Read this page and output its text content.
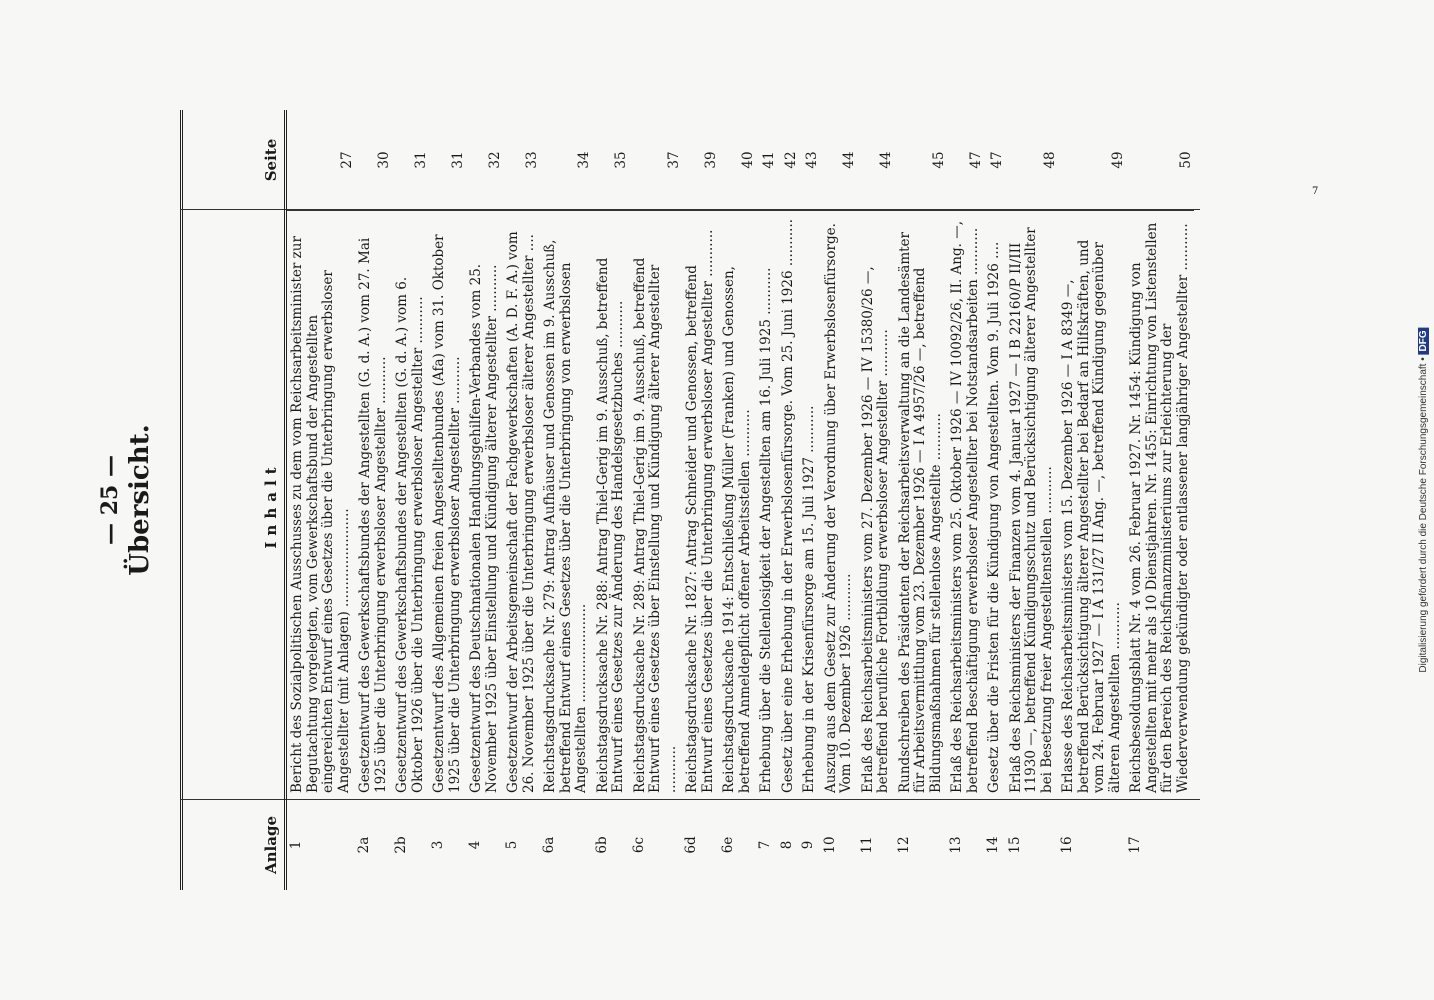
Anlage
Inhalt
Seite
1
Bericht des Sozialpolitischen Ausschusses zu dem vom Reichsarbeitsminister zur Begutachtung vorgelegten, vom Gewerkschaftsbund der Angestellten eingereichten Entwurf eines Gesetzes über die Unterbringung erwerbsloser Angestellter (mit Anlagen) .......................
27
2a
Gesetzentwurf des Gewerkschaftsbundes der Angestellten (G. d. A.) vom 27. Mai 1925 über die Unterbringung erwerbsloser Angestellter ...........
30
2b
Gesetzentwurf des Gewerkschaftsbundes der Angestellten (G. d. A.) vom 6. Oktober 1926 über die Unterbringung erwerbsloser Angestellter ...........
31
3
Gesetzentwurf des Allgemeinen freien Angestelltenbundes (Afa) vom 31. Oktober 1925 über die Unterbringung erwerbsloser Angestellter ...........
31
4
Gesetzentwurf des Deutschnationalen Handlungsgehilfen-Verbandes vom 25. November 1925 über Einstellung und Kündigung älterer Angestellter ...........
32
5
Gesetzentwurf der Arbeitsgemeinschaft der Fachgewerkschaften (A. D. F. A.) vom 26. November 1925 über die Unterbringung erwerbsloser älterer Angestellter ....
33
6a
Reichstagsdrucksache Nr. 279: Antrag Aufhäuser und Genossen im 9. Ausschuß, betreffend Entwurf eines Gesetzes über die Unterbringung von erwerbslosen Angestellten .......................
34
6b
Reichstagsdrucksache Nr. 288: Antrag Thiel-Gerig im 9. Ausschuß, betreffend Entwurf eines Gesetzes zur Änderung des Handelsgesetzbuches ...........
35
6c
Reichstagsdrucksache Nr. 289: Antrag Thiel-Gerig im 9. Ausschuß, betreffend Entwurf eines Gesetzes über Einstellung und Kündigung älterer Angestellter ...........
37
6d
Reichstagsdrucksache Nr. 1827: Antrag Schneider und Genossen, betreffend Entwurf eines Gesetzes über die Unterbringung erwerbsloser Angestellter ...........
39
6e
Reichstagsdrucksache 1914: Entschließung Müller (Franken) und Genossen, betreffend Anmeldepflicht offener Arbeitsstellen ...........
40
7
Erhebung über die Stellenlosigkeit der Angestellten am 16. Juli 1925 ...........
41
8
Gesetz über eine Erhebung in der Erwerbslosenfürsorge. Vom 25. Juni 1926 ...........
42
9
Erhebung in der Krisenfürsorge am 15. Juli 1927 ...........
43
10
Auszug aus dem Gesetz zur Änderung der Verordnung über Erwerbslosenfürsorge. Vom 10. Dezember 1926 ...........
44
11
Erlaß des Reichsarbeitsministers vom 27. Dezember 1926 — IV 15380/26 —, betreffend berufliche Fortbildung erwerbsloser Angestellter ...........
44
12
Rundschreiben des Präsidenten der Reichsarbeitsverwaltung an die Landesämter für Arbeitsvermittlung vom 23. Dezember 1926 — I A 4957/26 —, betreffend Bildungsmaßnahmen für stellenlose Angestellte ...........
45
13
Erlaß des Reichsarbeitsministers vom 25. Oktober 1926 — IV 10092/26, II. Ang. —, betreffend Beschäftigung erwerbsloser Angestellter bei Notstandsarbeiten ...........
47
14
Gesetz über die Fristen für die Kündigung von Angestellten. Vom 9. Juli 1926 ....
47
15
Erlaß des Reichsministers der Finanzen vom 4. Januar 1927 — I B 22160/P II/III 11930 —, betreffend Kündigungsschutz und Berücksichtigung älterer Angestellter bei Besetzung freier Angestelltenstellen ...........
48
16
Erlasse des Reichsarbeitsministers vom 15. Dezember 1926 — I A 8349 —, betreffend Berücksichtigung älterer Angestellter bei Bedarf an Hilfskräften, und vom 24. Februar 1927 — I A 131/27 II Ang. —, betreffend Kündigung gegenüber älteren Angestellten ...........
49
17
Reichsbesoldungsblatt Nr. 4 vom 26. Februar 1927. Nr. 1454: Kündigung von Angestellten mit mehr als 10 Dienstjahren. Nr. 1455: Einrichtung von Listenstellen für den Bereich des Reichsfinanzministeriums zur Erleichterung der Wiederverwendung gekündigter oder entlassener langjähriger Angestellter ...........
50
— 25 — Übersicht.
7
Digitalisierung gefördert durch die Deutsche Forschungsgemeinschaft • DFG
